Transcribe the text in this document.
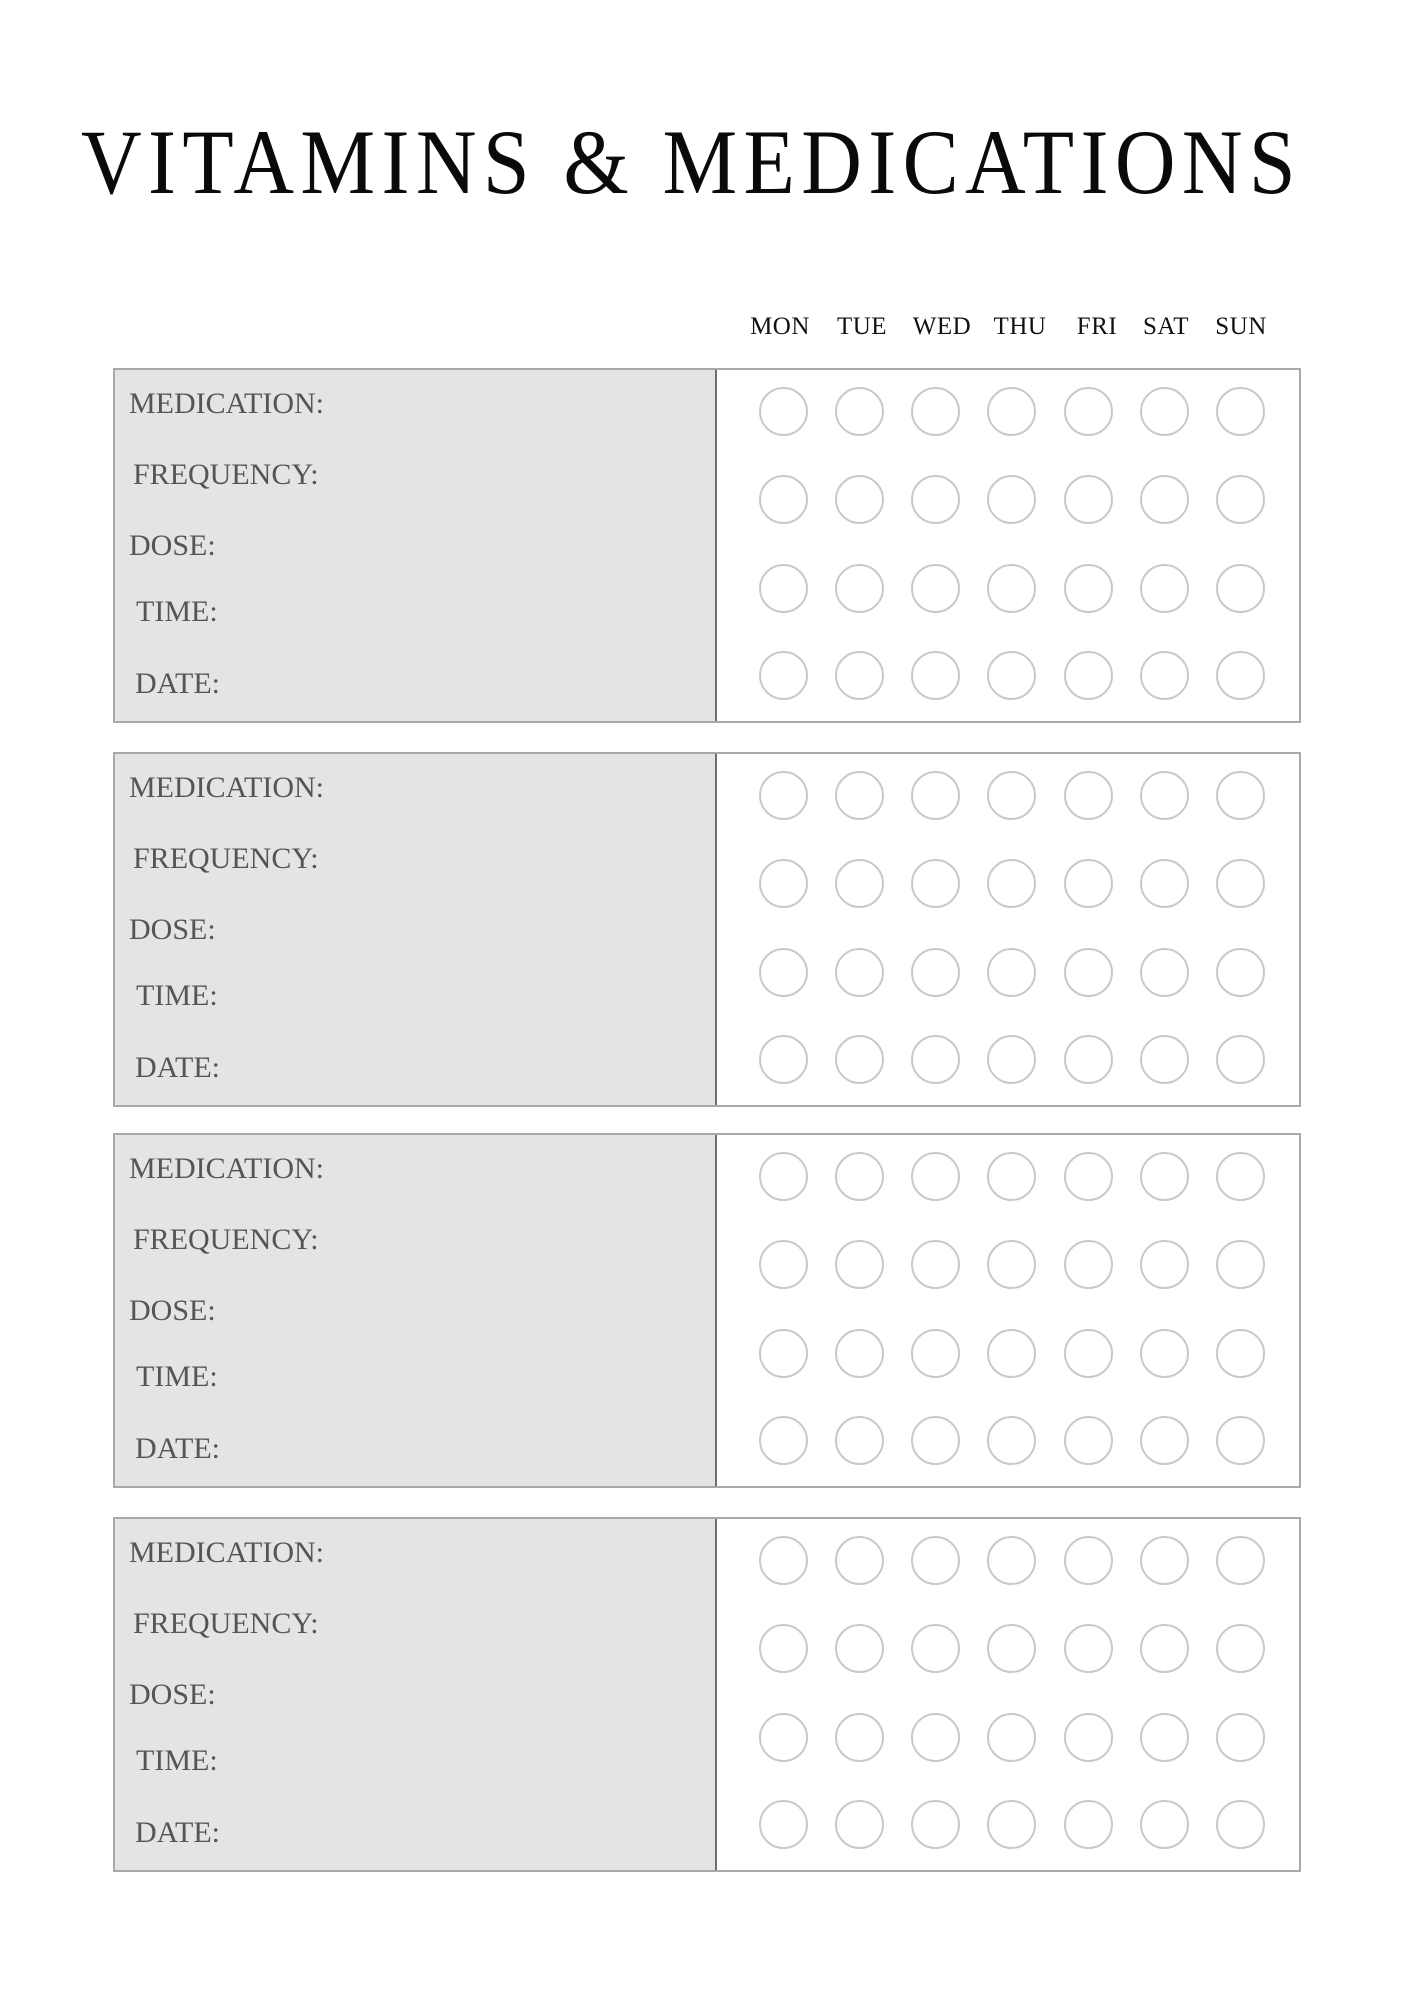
VITAMINS & MEDICATIONS
MON	TUE	WED THU	FRI	SAT	SUN
MEDICATION:
FREQUENCY:
DOSE:
TIME:
DATE:
MEDICATION:
FREQUENCY:
DOSE:
TIME:
DATE:
MEDICATION:
FREQUENCY:
DOSE:
TIME:
DATE:
MEDICATION:
FREQUENCY:
DOSE:
TIME:
DATE:
